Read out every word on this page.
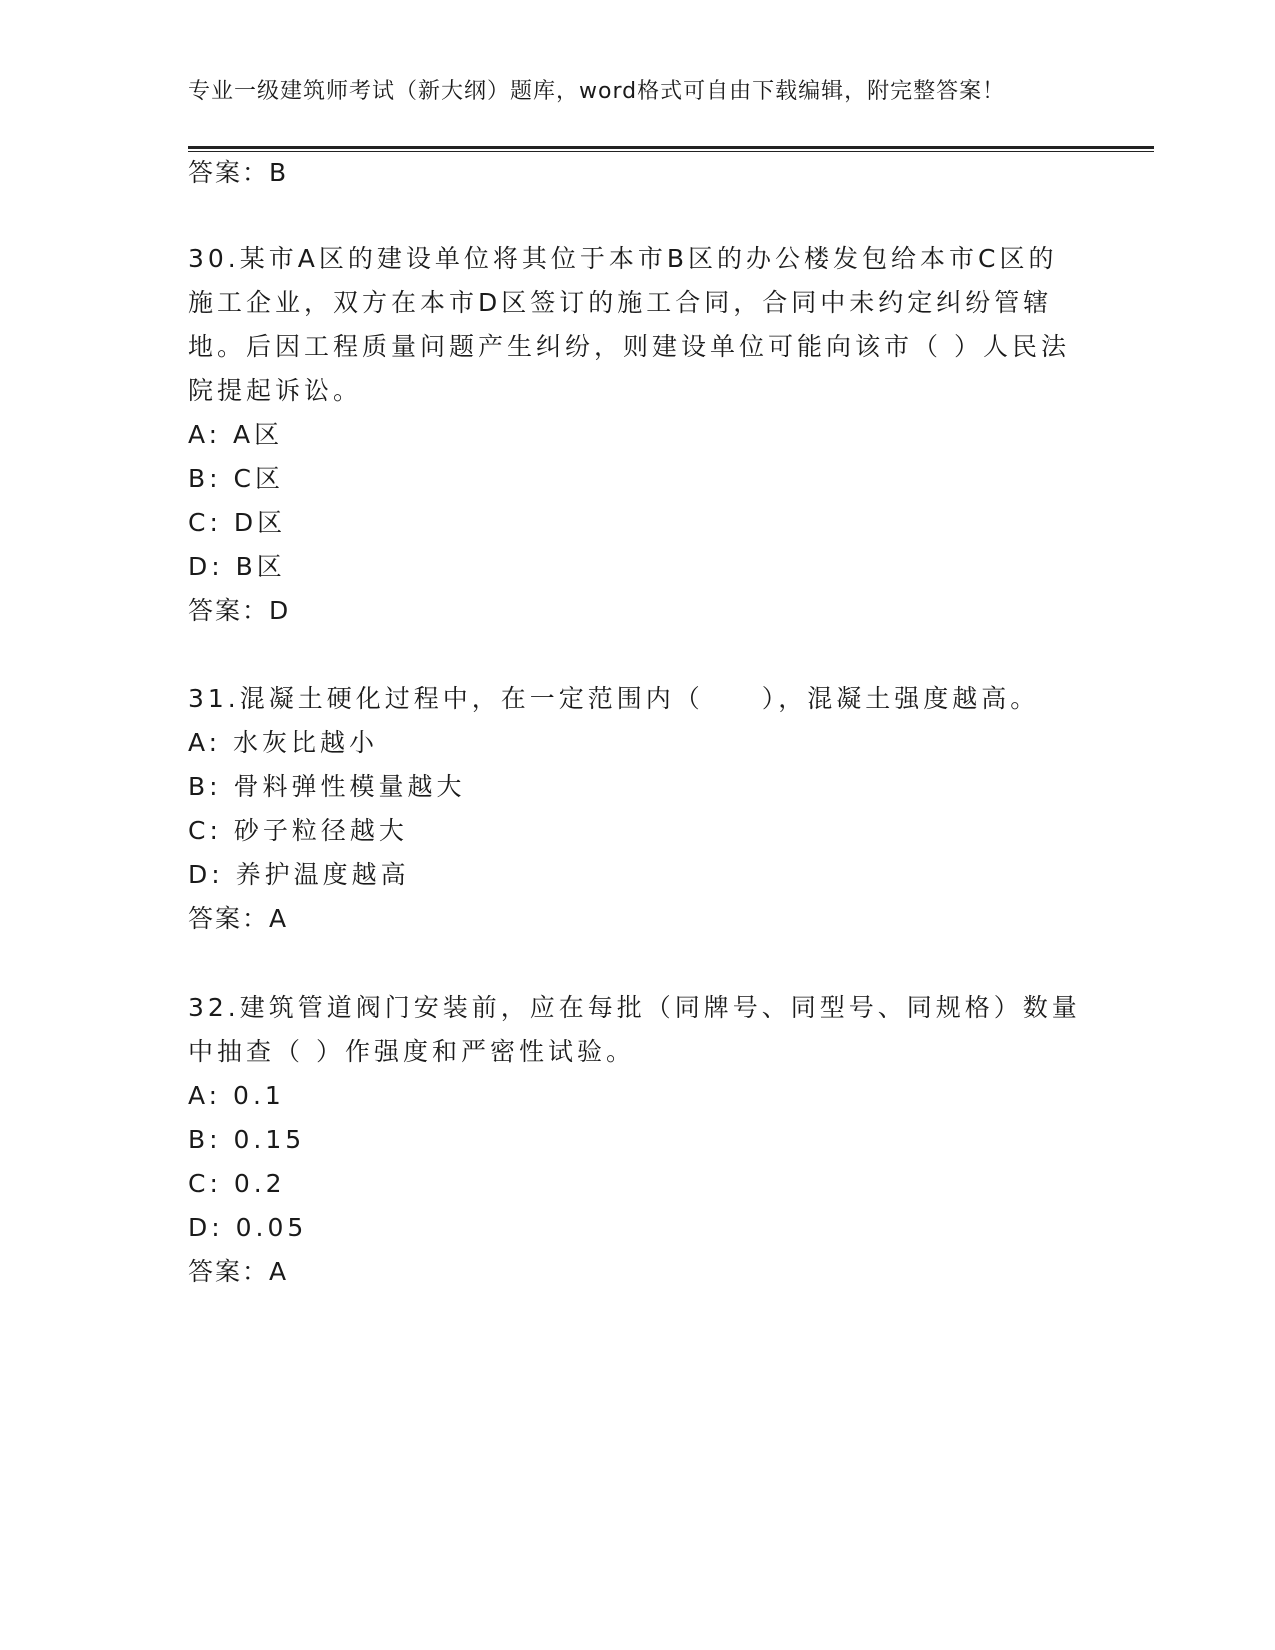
专业一级建筑师考试（新大纲）题库，word格式可自由下载编辑，附完整答案！
答案：B
30.某市A区的建设单位将其位于本市B区的办公楼发包给本市C区的
施工企业，双方在本市D区签订的施工合同，合同中未约定纠纷管辖
地。后因工程质量问题产生纠纷，则建设单位可能向该市（ ）人民法
院提起诉讼。
A: A区
B: C区
C: D区
D: B区
答案：D
31.混凝土硬化过程中，在一定范围内（　　），混凝土强度越高。
A: 水灰比越小
B: 骨料弹性模量越大
C: 砂子粒径越大
D: 养护温度越高
答案：A
32.建筑管道阀门安装前，应在每批（同牌号、同型号、同规格）数量
中抽查（ ）作强度和严密性试验。
A: 0.1
B: 0.15
C: 0.2
D: 0.05
答案：A
